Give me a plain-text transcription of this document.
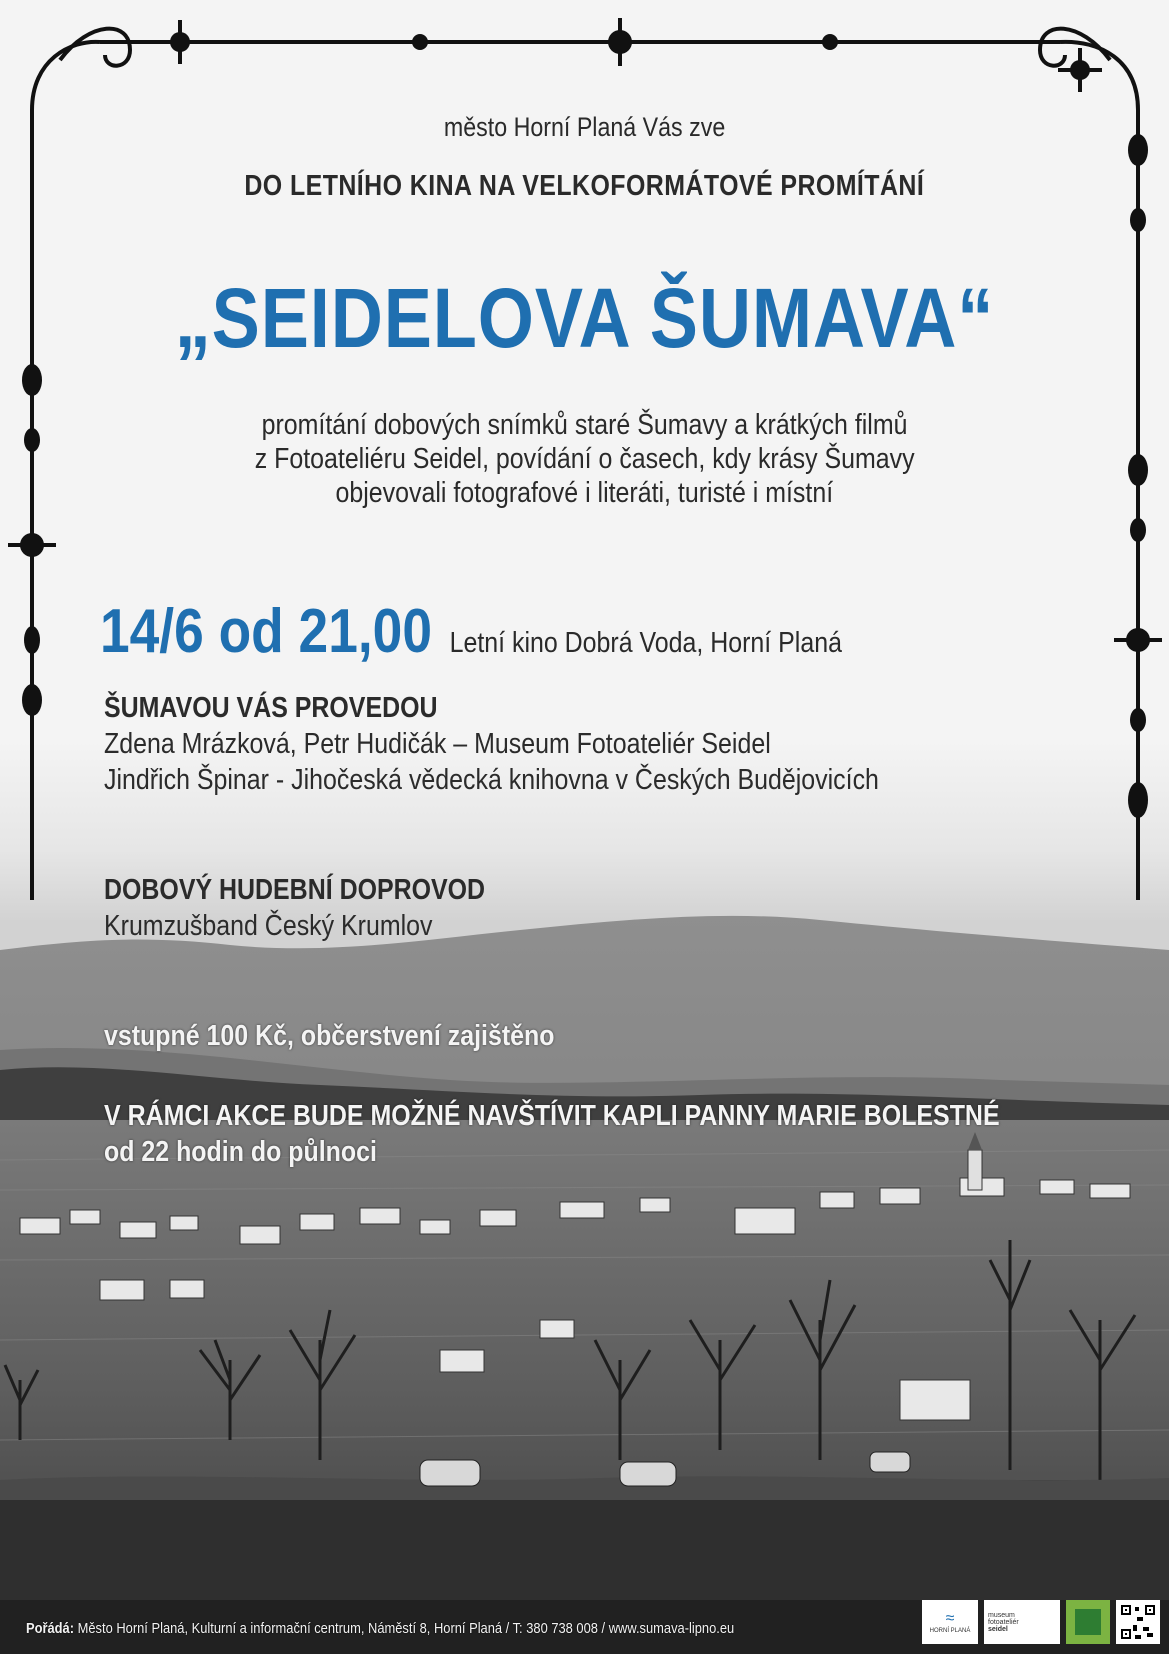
město Horní Planá Vás zve
DO LETNÍHO KINA NA VELKOFORMÁTOVÉ PROMÍTÁNÍ
„SEIDELOVA ŠUMAVA“
promítání dobových snímků staré Šumavy a krátkých filmů
z Fotoateliéru Seidel, povídání o časech, kdy krásy Šumavy
objevovali fotografové i literáti, turisté i místní
14/6 od 21,00 Letní kino Dobrá Voda, Horní Planá
ŠUMAVOU VÁS PROVEDOU
Zdena Mrázková, Petr Hudičák – Museum Fotoateliér Seidel
Jindřich Špinar - Jihočeská vědecká knihovna v Českých Budějovicích
DOBOVÝ HUDEBNÍ DOPROVOD
Krumzušband Český Krumlov
vstupné 100 Kč, občerstvení zajištěno
V RÁMCI AKCE BUDE MOŽNÉ NAVŠTÍVIT KAPLI PANNY MARIE BOLESTNÉ
od 22 hodin do půlnoci
Pořádá: Město Horní Planá, Kulturní a informační centrum, Náměstí 8, Horní Planá / T: 380 738 008 / www.sumava-lipno.eu
≈
HORNÍ PLANÁ
museum
fotoateliér
seidel
